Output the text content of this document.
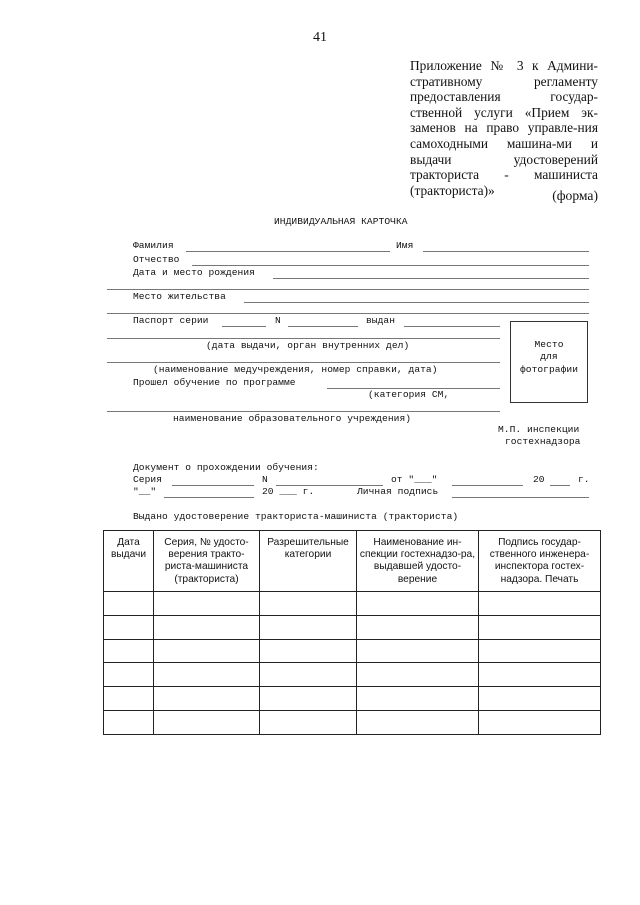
41
Приложение № 3 к Админи-стративному регламенту предоставления государ-ственной услуги «Прием эк-заменов на право управле-ния самоходными машина-ми и выдачи удостоверений тракториста - машиниста (тракториста)»	(форма)
ИНДИВИДУАЛЬНАЯ КАРТОЧКА
Фамилия	Имя
Отчество
Дата и место рождения
Место жительства
Паспорт серии	N	выдан
(дата выдачи, орган внутренних дел)
(наименование медучреждения, номер справки, дата)
Прошел обучение по программе
(категория СМ,
наименование образовательного учреждения)
Место
для
фотографии
М.П. инспекции
гостехнадзора
Документ о прохождении обучения:
Серия	N	от "___"	20	г.
"__"	20 ___ г.	Личная подпись
Выдано удостоверение тракториста-машиниста (тракториста)
Дата выдачи	Серия, № удосто-верения тракто-риста-машиниста (тракториста)	Разрешительные категории	Наименование ин-спекции гостехнадзо-ра, выдавшей удосто-верение	Подпись государ-ственного инженера-инспектора гостех-надзора. Печать
